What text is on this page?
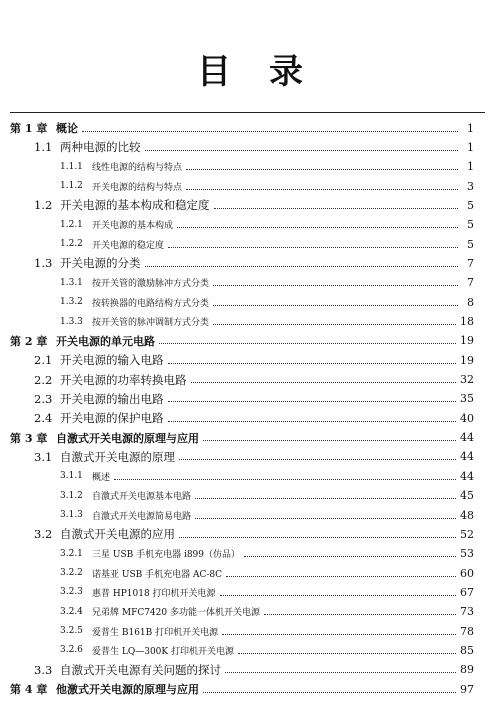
目录
第 1 章 概论	1
1.1 两种电源的比较	1
1.1.1	线性电源的结构与特点	1
1.1.2	开关电源的结构与特点	3
1.2 开关电源的基本构成和稳定度	5
1.2.1	开关电源的基本构成	5
1.2.2	开关电源的稳定度	5
1.3 开关电源的分类	7
1.3.1	按开关管的激励脉冲方式分类	7
1.3.2	按转换器的电路结构方式分类	8
1.3.3	按开关管的脉冲调制方式分类	18
第 2 章 开关电源的单元电路	19
2.1 开关电源的输入电路	19
2.2 开关电源的功率转换电路	32
2.3 开关电源的输出电路	35
2.4 开关电源的保护电路	40
第 3 章 自激式开关电源的原理与应用	44
3.1 自激式开关电源的原理	44
3.1.1	概述	44
3.1.2	自激式开关电源基本电路	45
3.1.3	自激式开关电源简易电路	48
3.2 自激式开关电源的应用	52
3.2.1	三星 USB 手机充电器 i899（仿品）	53
3.2.2	诺基亚 USB 手机充电器 AC-8C	60
3.2.3	惠普 HP1018 打印机开关电源	67
3.2.4	兄弟牌 MFC7420 多功能一体机开关电源	73
3.2.5	爱普生 B161B 打印机开关电源	78
3.2.6	爱普生 LQ—300K 打印机开关电源	85
3.3 自激式开关电源有关问题的探讨	89
第 4 章 他激式开关电源的原理与应用	97
